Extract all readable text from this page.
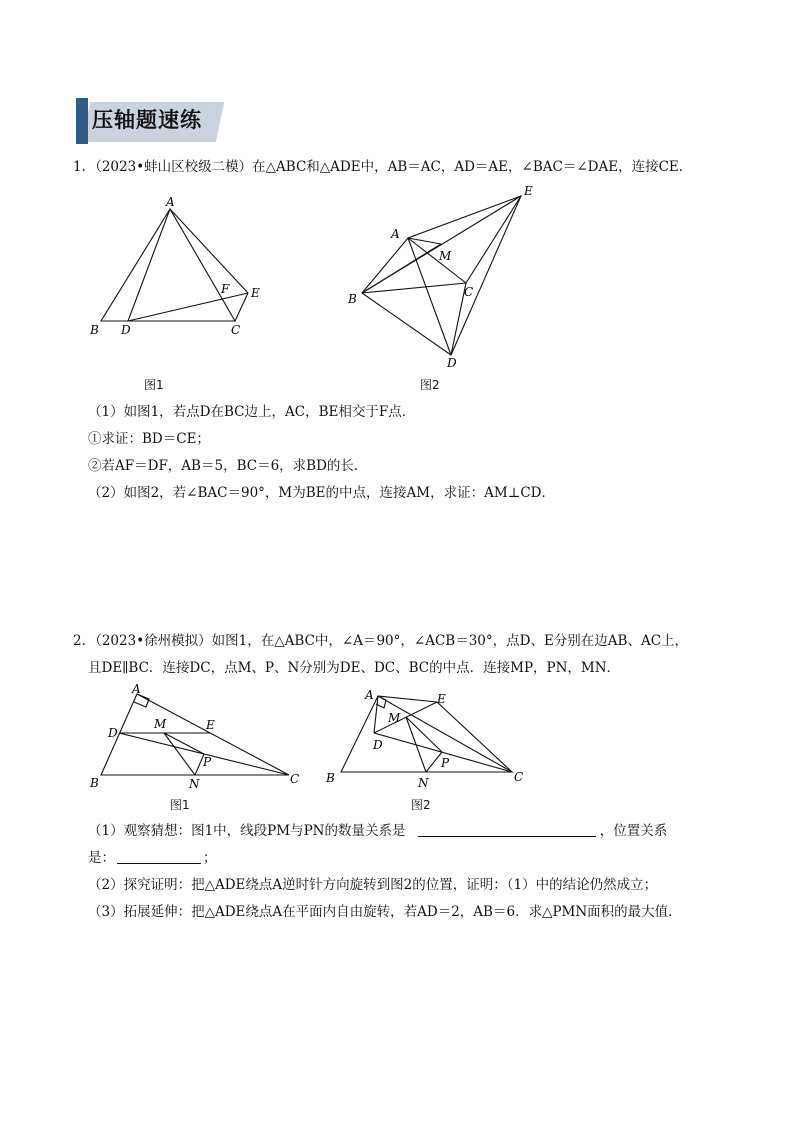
压轴题速练
1．（2023•蚌山区校级二模）在△ABC和△ADE中，AB＝AC，AD＝AE，∠BAC＝∠DAE，连接CE．
A
B D	C
F E
图1
E
A
M
C
B
D
图2
（1）如图1，若点D在BC边上，AC，BE相交于F点．
①求证：BD＝CE；
②若AF＝DF，AB＝5，BC＝6，求BD的长．
（2）如图2，若∠BAC＝90°，M为BE的中点，连接AM，求证：AM⊥CD．
2．（2023•徐州模拟）如图1，在△ABC中，∠A＝90°，∠ACB＝30°，点D、E分别在边AB、AC上，
且DE∥BC．连接DC，点M、P、N分别为DE、DC、BC的中点．连接MP，PN，MN．
A
D
M	E
P
B	N	C
图1
A	E
M
D
P
B	N	C
图2
（1）观察猜想：图1中，线段PM与PN的数量关系是	，位置关系
是：	；
（2）探究证明：把△ADE绕点A逆时针方向旋转到图2的位置，证明：（1）中的结论仍然成立；
（3）拓展延伸：把△ADE绕点A在平面内自由旋转，若AD＝2，AB＝6．求△PMN面积的最大值．
